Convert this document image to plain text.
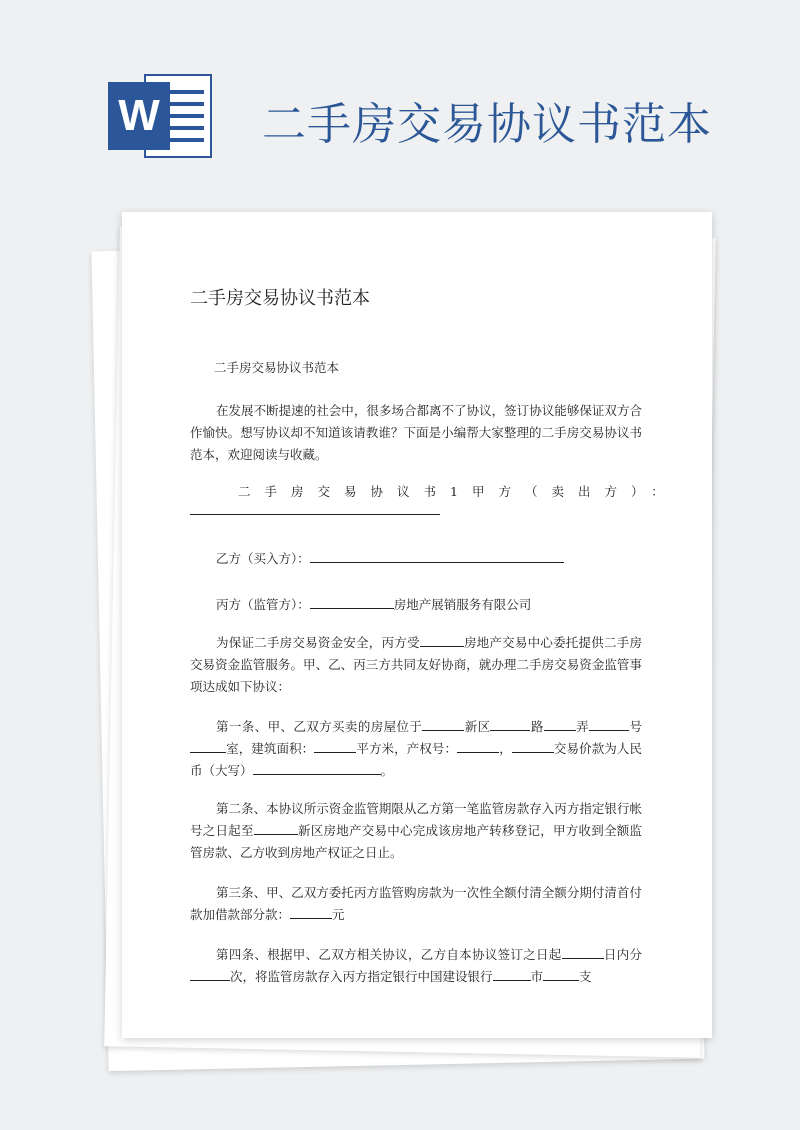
W 二手房交易协议书范本
二手房交易协议书范本
二手房交易协议书范本
在发展不断提速的社会中，很多场合都离不了协议，签订协议能够保证双方合作愉快。想写协议却不知道该请教谁？下面是小编帮大家整理的二手房交易协议书范本，欢迎阅读与收藏。
二手房交易协议书1甲方（卖出方）：
乙方（买入方）：
丙方（监管方）：	房地产展销服务有限公司
为保证二手房交易资金安全，丙方受	房地产交易中心委托提供二手房交易资金监管服务。甲、乙、丙三方共同友好协商，就办理二手房交易资金监管事项达成如下协议：
第一条、甲、乙双方买卖的房屋位于	新区	路	弄	号室，建筑面积：	平方米，产权号：	，	交易价款为人民币（大写）	。
第二条、本协议所示资金监管期限从乙方第一笔监管房款存入丙方指定银行帐号之日起至	新区房地产交易中心完成该房地产转移登记，甲方收到全额监管房款、乙方收到房地产权证之日止。
第三条、甲、乙双方委托丙方监管购房款为一次性全额付清全额分期付清首付款加借款部分款：	元
第四条、根据甲、乙双方相关协议，乙方自本协议签订之日起	日内分次，将监管房款存入丙方指定银行中国建设银行	市	支
